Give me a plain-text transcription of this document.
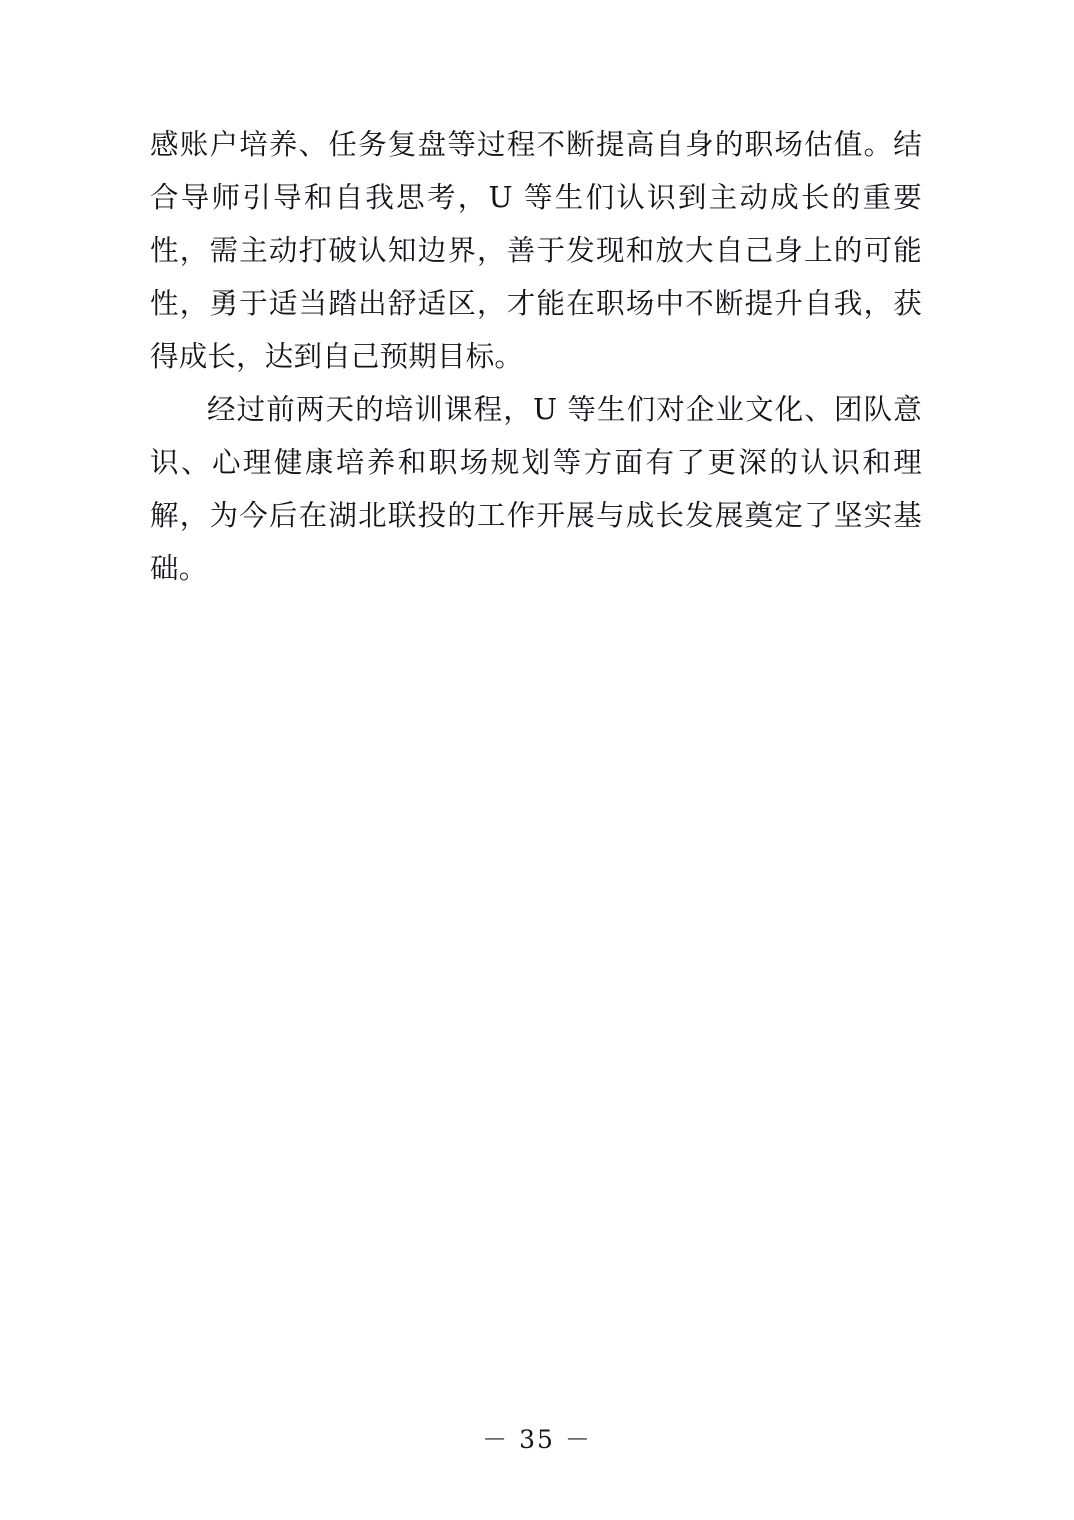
感账户培养、任务复盘等过程不断提高自身的职场估值。结合导师引导和自我思考，U 等生们认识到主动成长的重要性，需主动打破认知边界，善于发现和放大自己身上的可能性，勇于适当踏出舒适区，才能在职场中不断提升自我，获得成长，达到自己预期目标。

经过前两天的培训课程，U 等生们对企业文化、团队意识、心理健康培养和职场规划等方面有了更深的认识和理解，为今后在湖北联投的工作开展与成长发展奠定了坚实基础。

－ 35 －
